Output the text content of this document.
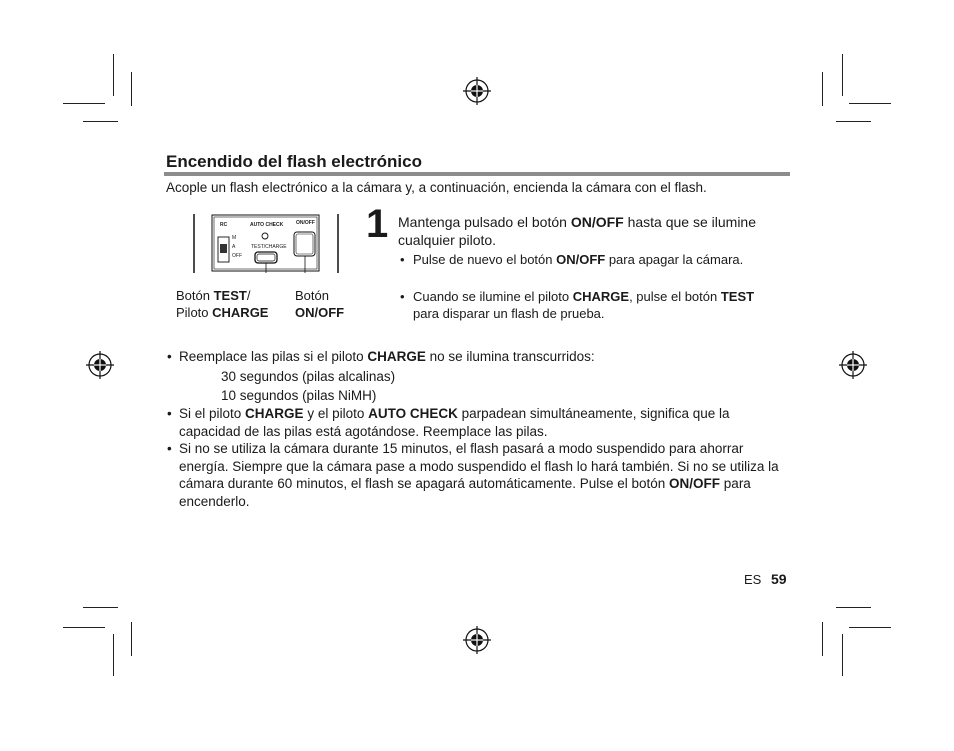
Encendido del flash electrónico
Acople un flash electrónico a la cámara y, a continuación, encienda la cámara con el flash.
RC	AUTO CHECK	ON/OFF
TEST/CHARGE
M
A
OFF
Botón TEST/
Piloto CHARGE
Botón
ON/OFF
1 Mantenga pulsado el botón ON/OFF hasta que se ilumine cualquier piloto.
• Pulse de nuevo el botón ON/OFF para apagar la cámara.
• Cuando se ilumine el piloto CHARGE, pulse el botón TEST para disparar un flash de prueba.
• Reemplace las pilas si el piloto CHARGE no se ilumina transcurridos:
30 segundos (pilas alcalinas)
10 segundos (pilas NiMH)
• Si el piloto CHARGE y el piloto AUTO CHECK parpadean simultáneamente, significa que la capacidad de las pilas está agotándose. Reemplace las pilas.
• Si no se utiliza la cámara durante 15 minutos, el flash pasará a modo suspendido para ahorrar energía. Siempre que la cámara pase a modo suspendido el flash lo hará también. Si no se utiliza la cámara durante 60 minutos, el flash se apagará automáticamente. Pulse el botón ON/OFF para encenderlo.
ES 59
